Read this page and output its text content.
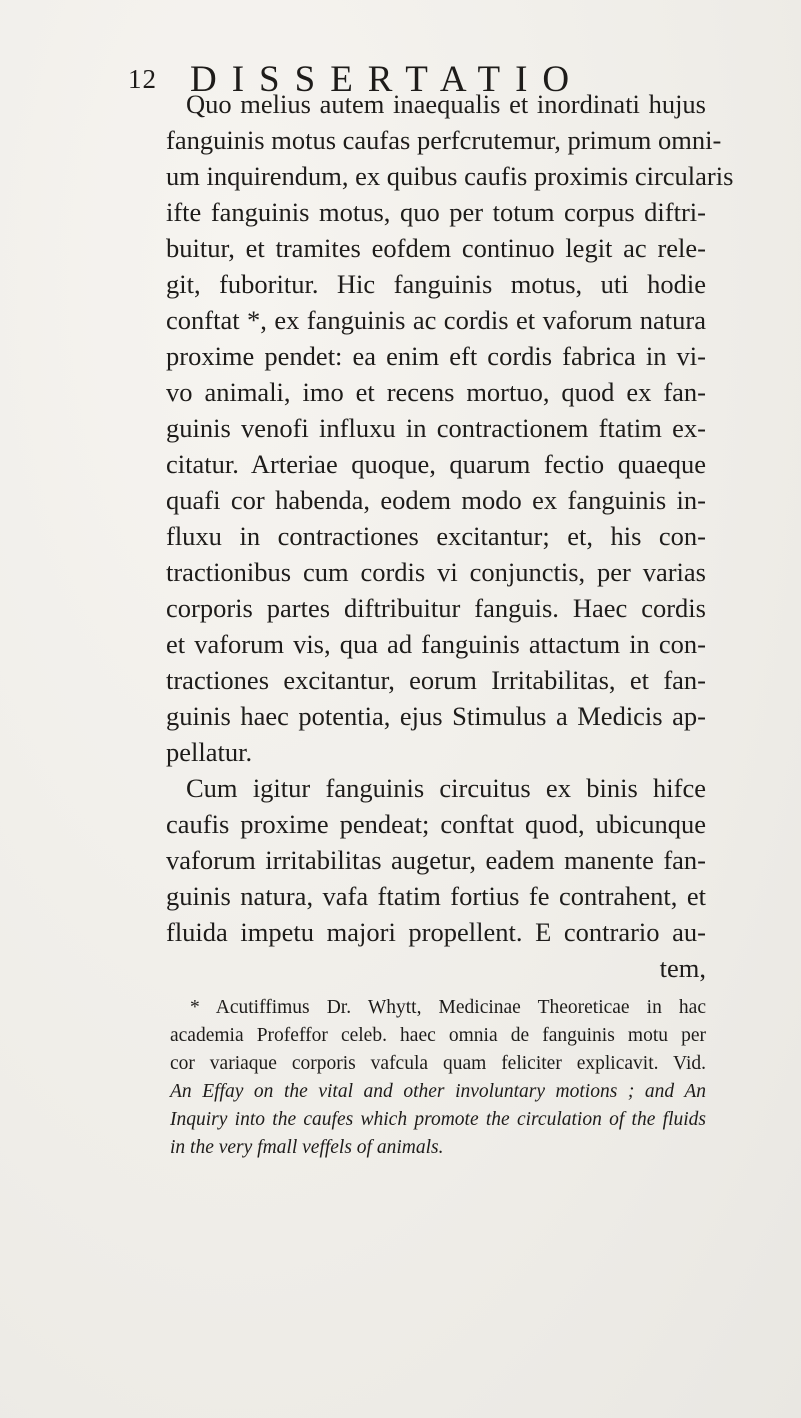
12 DISSERTATIO
Quo melius autem inaequalis et inordinati hujus
fanguinis motus caufas perfcrutemur, primum omni-
um inquirendum, ex quibus caufis proximis circularis
ifte fanguinis motus, quo per totum corpus diftri-
buitur, et tramites eofdem continuo legit ac rele-
git, fuboritur. Hic fanguinis motus, uti hodie
conftat *, ex fanguinis ac cordis et vaforum natura
proxime pendet: ea enim eft cordis fabrica in vi-
vo animali, imo et recens mortuo, quod ex fan-
guinis venofi influxu in contractionem ftatim ex-
citatur. Arteriae quoque, quarum fectio quaeque
quafi cor habenda, eodem modo ex fanguinis in-
fluxu in contractiones excitantur; et, his con-
tractionibus cum cordis vi conjunctis, per varias
corporis partes diftribuitur fanguis. Haec cordis
et vaforum vis, qua ad fanguinis attactum in con-
tractiones excitantur, eorum Irritabilitas, et fan-
guinis haec potentia, ejus Stimulus a Medicis ap-
pellatur.
Cum igitur fanguinis circuitus ex binis hifce
caufis proxime pendeat; conftat quod, ubicunque
vaforum irritabilitas augetur, eadem manente fan-
guinis natura, vafa ftatim fortius fe contrahent, et
fluida impetu majori propellent. E contrario au-
tem,
* Acutiffimus Dr. Whytt, Medicinae Theoreticae in hac
academia Profeffor celeb. haec omnia de fanguinis motu per
cor variaque corporis vafcula quam feliciter explicavit. Vid.
An Effay on the vital and other involuntary motions ; and An
Inquiry into the caufes which promote the circulation of the fluids
in the very fmall veffels of animals.
